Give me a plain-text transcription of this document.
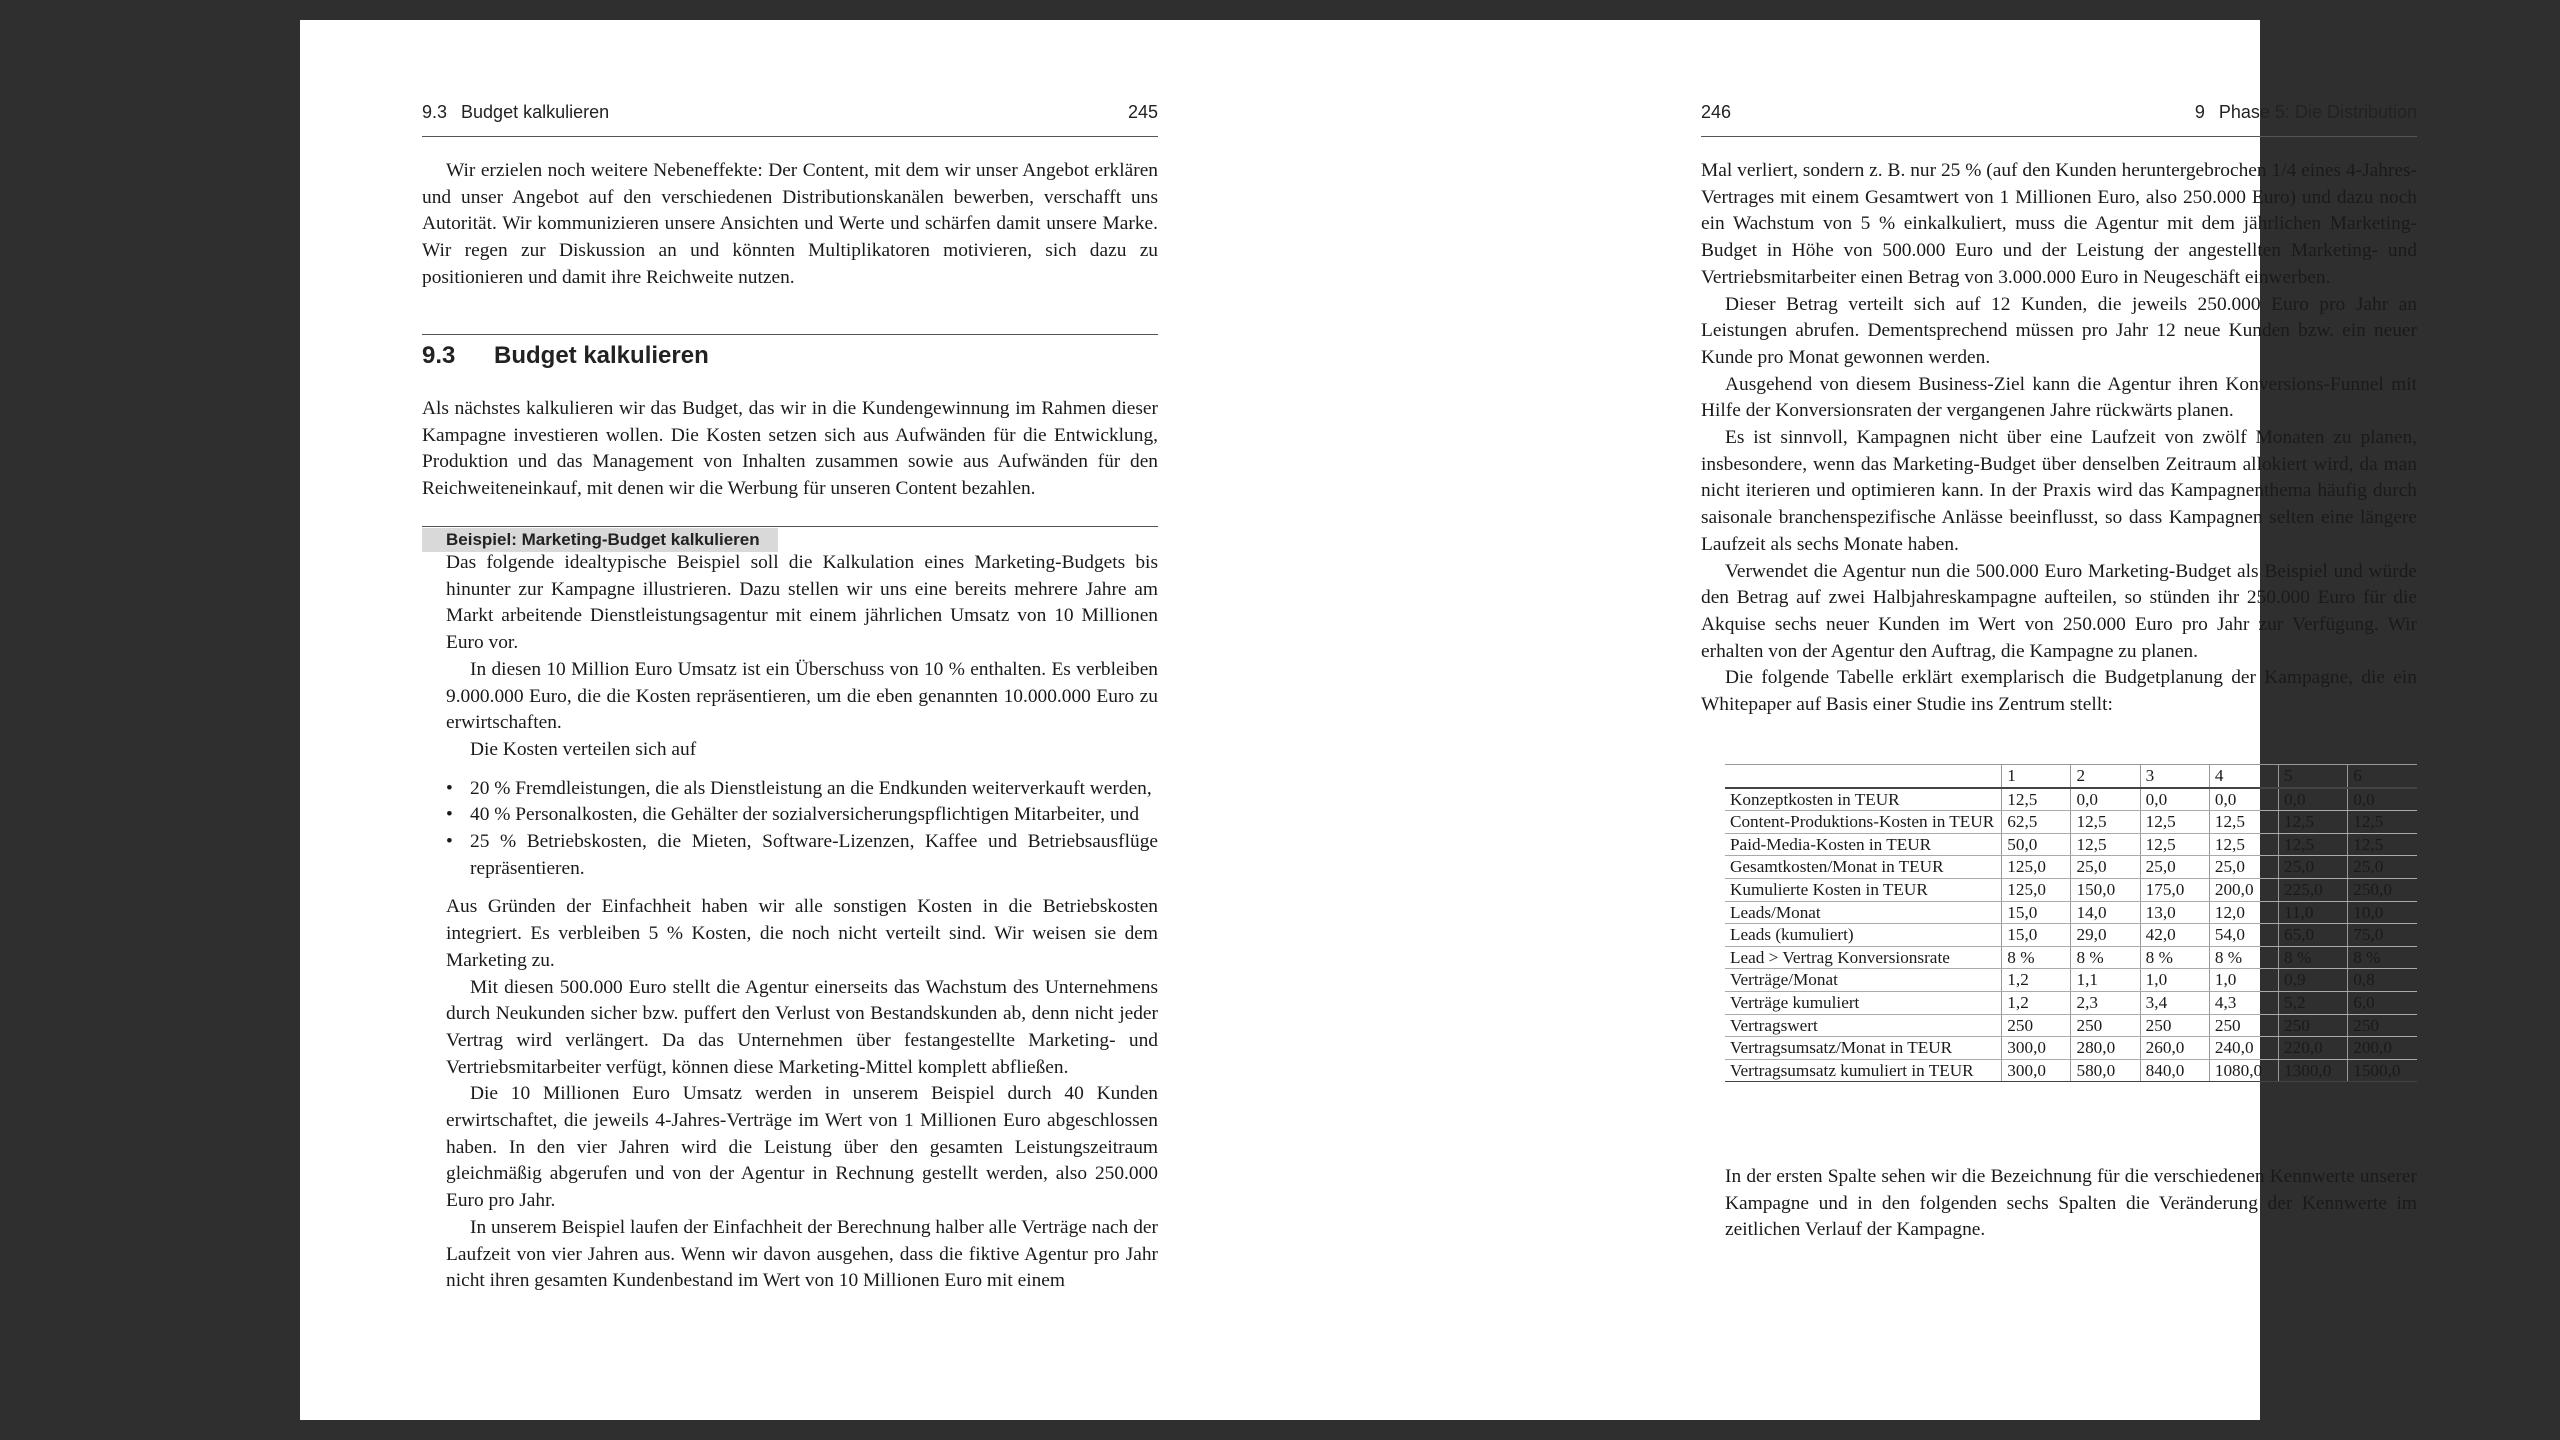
9.3 Budget kalkulieren	245

Wir erzielen noch weitere Nebeneffekte: Der Content, mit dem wir unser Angebot erklären und unser Angebot auf den verschiedenen Distributionskanälen bewerben, verschafft uns Autorität. Wir kommunizieren unsere Ansichten und Werte und schärfen damit unsere Marke. Wir regen zur Diskussion an und könnten Multiplikatoren motivieren, sich dazu zu positionieren und damit ihre Reichweite nutzen.

9.3 Budget kalkulieren

Als nächstes kalkulieren wir das Budget, das wir in die Kundengewinnung im Rahmen dieser Kampagne investieren wollen. Die Kosten setzen sich aus Aufwänden für die Entwicklung, Produktion und das Management von Inhalten zusammen sowie aus Aufwänden für den Reichweiteneinkauf, mit denen wir die Werbung für unseren Content bezahlen.

Beispiel: Marketing-Budget kalkulieren

Das folgende idealtypische Beispiel soll die Kalkulation eines Marketing-Budgets bis hinunter zur Kampagne illustrieren. Dazu stellen wir uns eine bereits mehrere Jahre am Markt arbeitende Dienstleistungsagentur mit einem jährlichen Umsatz von 10 Millionen Euro vor.

In diesen 10 Million Euro Umsatz ist ein Überschuss von 10 % enthalten. Es verbleiben 9.000.000 Euro, die die Kosten repräsentieren, um die eben genannten 10.000.000 Euro zu erwirtschaften.

Die Kosten verteilen sich auf

• 20 % Fremdleistungen, die als Dienstleistung an die Endkunden weiterverkauft werden,
• 40 % Personalkosten, die Gehälter der sozialversicherungspflichtigen Mitarbeiter, und
• 25 % Betriebskosten, die Mieten, Software-Lizenzen, Kaffee und Betriebsausflüge repräsentieren.

Aus Gründen der Einfachheit haben wir alle sonstigen Kosten in die Betriebskosten integriert. Es verbleiben 5 % Kosten, die noch nicht verteilt sind. Wir weisen sie dem Marketing zu.

Mit diesen 500.000 Euro stellt die Agentur einerseits das Wachstum des Unternehmens durch Neukunden sicher bzw. puffert den Verlust von Bestandskunden ab, denn nicht jeder Vertrag wird verlängert. Da das Unternehmen über festangestellte Marketing- und Vertriebsmitarbeiter verfügt, können diese Marketing-Mittel komplett abfließen.

Die 10 Millionen Euro Umsatz werden in unserem Beispiel durch 40 Kunden erwirtschaftet, die jeweils 4-Jahres-Verträge im Wert von 1 Millionen Euro abgeschlossen haben. In den vier Jahren wird die Leistung über den gesamten Leistungszeitraum gleichmäßig abgerufen und von der Agentur in Rechnung gestellt werden, also 250.000 Euro pro Jahr.

In unserem Beispiel laufen der Einfachheit der Berechnung halber alle Verträge nach der Laufzeit von vier Jahren aus. Wenn wir davon ausgehen, dass die fiktive Agentur pro Jahr nicht ihren gesamten Kundenbestand im Wert von 10 Millionen Euro mit einem

246	9 Phase 5: Die Distribution

Mal verliert, sondern z. B. nur 25 % (auf den Kunden heruntergebrochen 1/4 eines 4-Jahres-Vertrages mit einem Gesamtwert von 1 Millionen Euro, also 250.000 Euro) und dazu noch ein Wachstum von 5 % einkalkuliert, muss die Agentur mit dem jährlichen Marketing-Budget in Höhe von 500.000 Euro und der Leistung der angestellten Marketing- und Vertriebsmitarbeiter einen Betrag von 3.000.000 Euro in Neugeschäft einwerben.

Dieser Betrag verteilt sich auf 12 Kunden, die jeweils 250.000 Euro pro Jahr an Leistungen abrufen. Dementsprechend müssen pro Jahr 12 neue Kunden bzw. ein neuer Kunde pro Monat gewonnen werden.

Ausgehend von diesem Business-Ziel kann die Agentur ihren Konversions-Funnel mit Hilfe der Konversionsraten der vergangenen Jahre rückwärts planen.

Es ist sinnvoll, Kampagnen nicht über eine Laufzeit von zwölf Monaten zu planen, insbesondere, wenn das Marketing-Budget über denselben Zeitraum allokiert wird, da man nicht iterieren und optimieren kann. In der Praxis wird das Kampagnenthema häufig durch saisonale branchenspezifische Anlässe beeinflusst, so dass Kampagnen selten eine längere Laufzeit als sechs Monate haben.

Verwendet die Agentur nun die 500.000 Euro Marketing-Budget als Beispiel und würde den Betrag auf zwei Halbjahreskampagne aufteilen, so stünden ihr 250.000 Euro für die Akquise sechs neuer Kunden im Wert von 250.000 Euro pro Jahr zur Verfügung. Wir erhalten von der Agentur den Auftrag, die Kampagne zu planen.

Die folgende Tabelle erklärt exemplarisch die Budgetplanung der Kampagne, die ein Whitepaper auf Basis einer Studie ins Zentrum stellt:

	1	2	3	4	5	6
Konzeptkosten in TEUR	12,5	0,0	0,0	0,0	0,0	0,0
Content-Produktions-Kosten in TEUR	62,5	12,5	12,5	12,5	12,5	12,5
Paid-Media-Kosten in TEUR	50,0	12,5	12,5	12,5	12,5	12,5
Gesamtkosten/Monat in TEUR	125,0	25,0	25,0	25,0	25,0	25,0
Kumulierte Kosten in TEUR	125,0	150,0	175,0	200,0	225,0	250,0
Leads/Monat	15,0	14,0	13,0	12,0	11,0	10,0
Leads (kumuliert)	15,0	29,0	42,0	54,0	65,0	75,0
Lead > Vertrag Konversionsrate	8 %	8 %	8 %	8 %	8 %	8 %
Verträge/Monat	1,2	1,1	1,0	1,0	0,9	0,8
Verträge kumuliert	1,2	2,3	3,4	4,3	5,2	6,0
Vertragswert	250	250	250	250	250	250
Vertragsumsatz/Monat in TEUR	300,0	280,0	260,0	240,0	220,0	200,0
Vertragsumsatz kumuliert in TEUR	300,0	580,0	840,0	1080,0	1300,0	1500,0

In der ersten Spalte sehen wir die Bezeichnung für die verschiedenen Kennwerte unserer Kampagne und in den folgenden sechs Spalten die Veränderung der Kennwerte im zeitlichen Verlauf der Kampagne.
